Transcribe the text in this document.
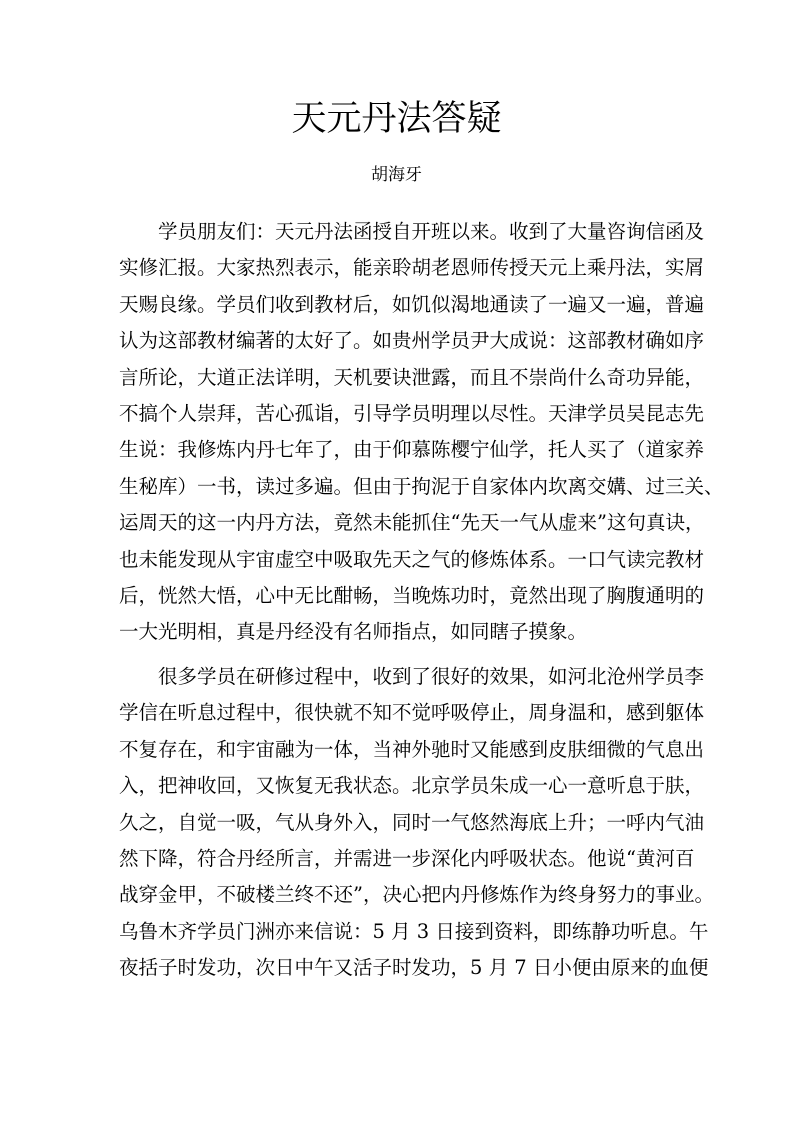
天元丹法答疑
胡海牙
学员朋友们：天元丹法函授自开班以来。收到了大量咨询信函及
实修汇报。大家热烈表示，能亲聆胡老恩师传授天元上乘丹法，实屑
天赐良缘。学员们收到教材后，如饥似渴地通读了一遍又一遍，普遍
认为这部教材编著的太好了。如贵州学员尹大成说：这部教材确如序
言所论，大道正法详明，天机要诀泄露，而且不崇尚什么奇功异能，
不搞个人崇拜，苦心孤诣，引导学员明理以尽性。天津学员吴昆志先
生说：我修炼内丹七年了，由于仰慕陈樱宁仙学，托人买了（道家养
生秘库）一书，读过多遍。但由于拘泥于自家体内坎离交媾、过三关、
运周天的这一内丹方法，竟然未能抓住“先天一气从虚来”这句真诀，
也未能发现从宇宙虚空中吸取先天之气的修炼体系。一口气读完教材
后，恍然大悟，心中无比酣畅，当晚炼功时，竟然出现了胸腹通明的
一大光明相，真是丹经没有名师指点，如同瞎子摸象。
很多学员在研修过程中，收到了很好的效果，如河北沧州学员李
学信在听息过程中，很快就不知不觉呼吸停止，周身温和，感到躯体
不复存在，和宇宙融为一体，当神外驰时又能感到皮肤细微的气息出
入，把神收回，又恢复无我状态。北京学员朱成一心一意听息于肤，
久之，自觉一吸，气从身外入，同时一气悠然海底上升；一呼内气油
然下降，符合丹经所言，并需进一步深化内呼吸状态。他说“黄河百
战穿金甲，不破楼兰终不还”，决心把内丹修炼作为终身努力的事业。
乌鲁木齐学员门洲亦来信说：5 月 3 日接到资料，即练静功听息。午
夜括子时发功，次日中午又活子时发功，5 月 7 日小便由原来的血便
